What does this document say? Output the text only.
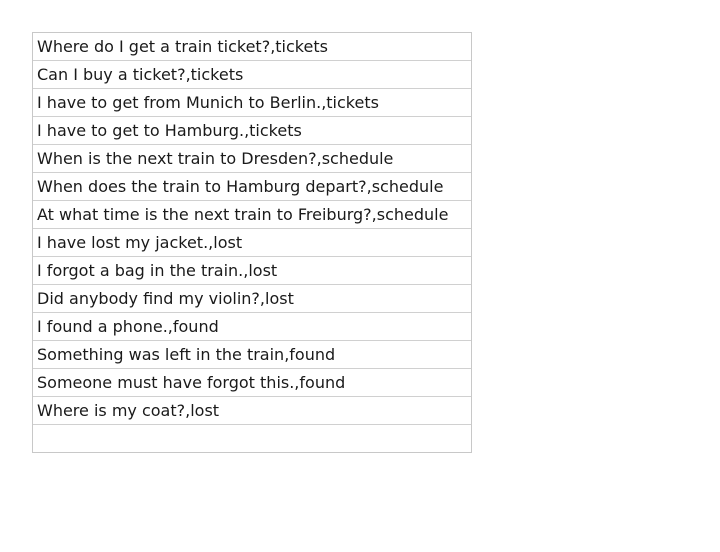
Where do I get a train ticket?,tickets
Can I buy a ticket?,tickets
I have to get from Munich to Berlin.,tickets
I have to get to Hamburg.,tickets
When is the next train to Dresden?,schedule
When does the train to Hamburg depart?,schedule
At what time is the next train to Freiburg?,schedule
I have lost my jacket.,lost
I forgot a bag in the train.,lost
Did anybody find my violin?,lost
I found a phone.,found
Something was left in the train,found
Someone must have forgot this.,found
Where is my coat?,lost
